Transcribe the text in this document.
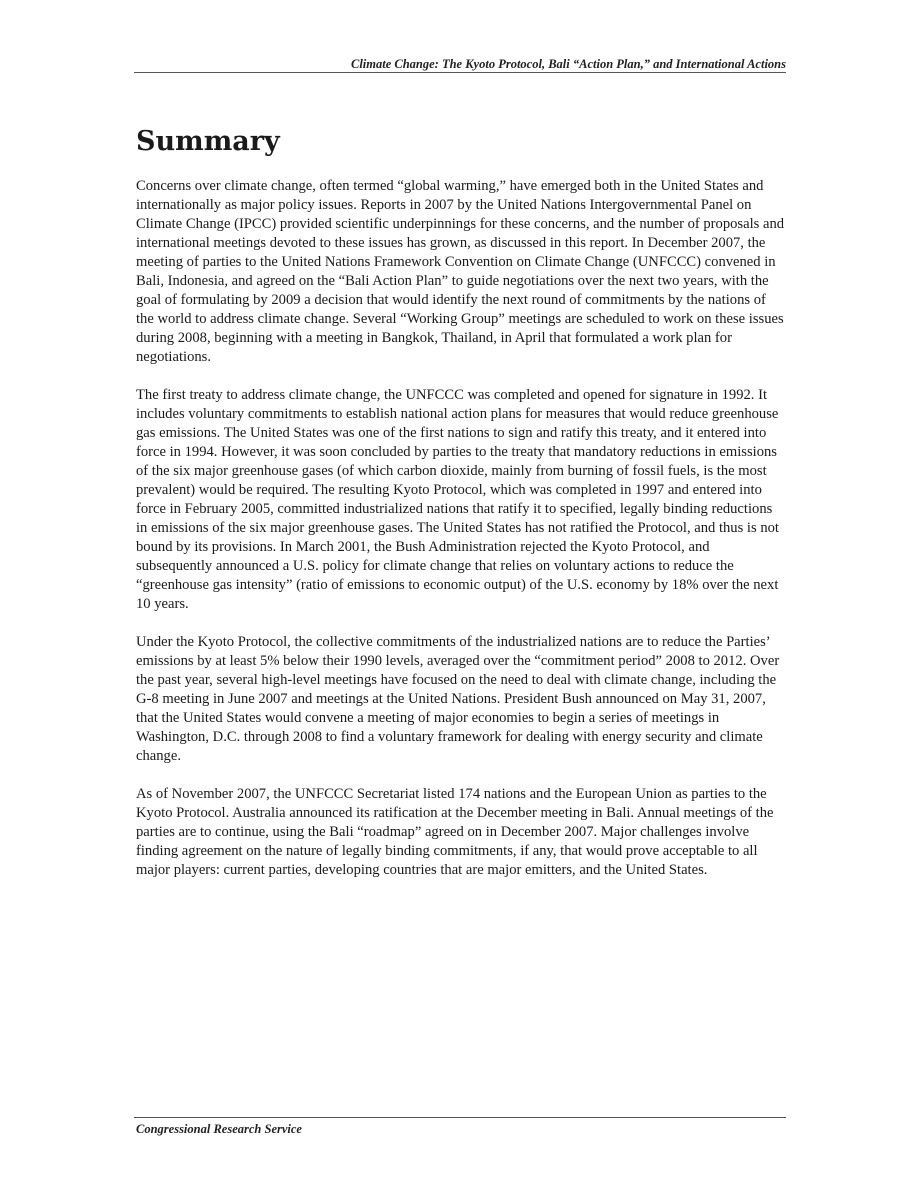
Climate Change: The Kyoto Protocol, Bali “Action Plan,” and International Actions
Summary

Concerns over climate change, often termed “global warming,” have emerged both in the United States and internationally as major policy issues. Reports in 2007 by the United Nations Intergovernmental Panel on Climate Change (IPCC) provided scientific underpinnings for these concerns, and the number of proposals and international meetings devoted to these issues has grown, as discussed in this report. In December 2007, the meeting of parties to the United Nations Framework Convention on Climate Change (UNFCCC) convened in Bali, Indonesia, and agreed on the “Bali Action Plan” to guide negotiations over the next two years, with the goal of formulating by 2009 a decision that would identify the next round of commitments by the nations of the world to address climate change. Several “Working Group” meetings are scheduled to work on these issues during 2008, beginning with a meeting in Bangkok, Thailand, in April that formulated a work plan for negotiations.

The first treaty to address climate change, the UNFCCC was completed and opened for signature in 1992. It includes voluntary commitments to establish national action plans for measures that would reduce greenhouse gas emissions. The United States was one of the first nations to sign and ratify this treaty, and it entered into force in 1994. However, it was soon concluded by parties to the treaty that mandatory reductions in emissions of the six major greenhouse gases (of which carbon dioxide, mainly from burning of fossil fuels, is the most prevalent) would be required. The resulting Kyoto Protocol, which was completed in 1997 and entered into force in February 2005, committed industrialized nations that ratify it to specified, legally binding reductions in emissions of the six major greenhouse gases. The United States has not ratified the Protocol, and thus is not bound by its provisions. In March 2001, the Bush Administration rejected the Kyoto Protocol, and subsequently announced a U.S. policy for climate change that relies on voluntary actions to reduce the “greenhouse gas intensity” (ratio of emissions to economic output) of the U.S. economy by 18% over the next 10 years.

Under the Kyoto Protocol, the collective commitments of the industrialized nations are to reduce the Parties’ emissions by at least 5% below their 1990 levels, averaged over the “commitment period” 2008 to 2012. Over the past year, several high-level meetings have focused on the need to deal with climate change, including the G-8 meeting in June 2007 and meetings at the United Nations. President Bush announced on May 31, 2007, that the United States would convene a meeting of major economies to begin a series of meetings in Washington, D.C. through 2008 to find a voluntary framework for dealing with energy security and climate change.

As of November 2007, the UNFCCC Secretariat listed 174 nations and the European Union as parties to the Kyoto Protocol. Australia announced its ratification at the December meeting in Bali. Annual meetings of the parties are to continue, using the Bali “roadmap” agreed on in December 2007. Major challenges involve finding agreement on the nature of legally binding commitments, if any, that would prove acceptable to all major players: current parties, developing countries that are major emitters, and the United States.

Congressional Research Service
